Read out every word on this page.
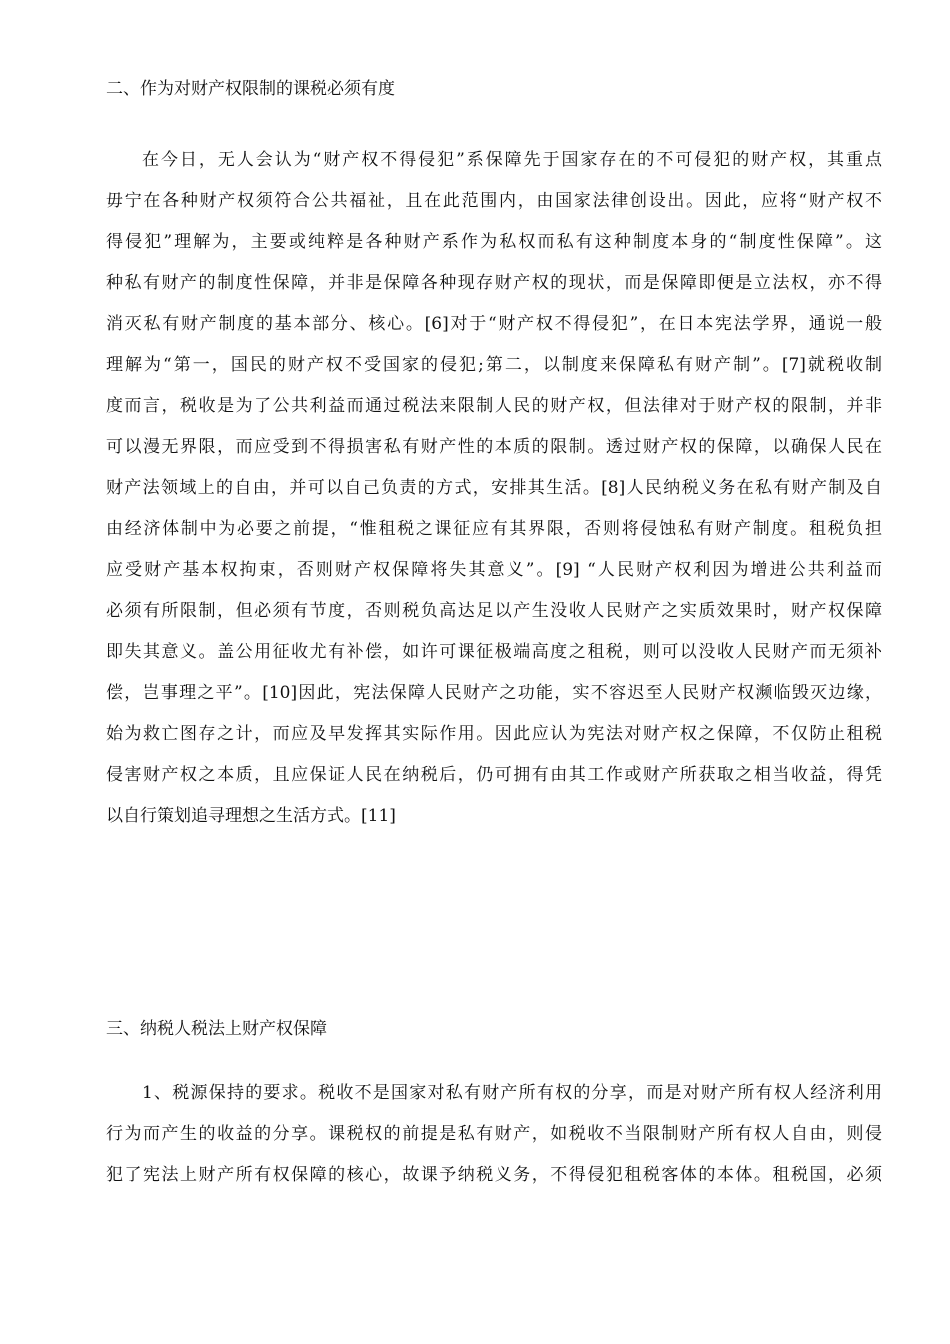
二、作为对财产权限制的课税必须有度
在今日，无人会认为“财产权不得侵犯”系保障先于国家存在的不可侵犯的财产权，其重点
毋宁在各种财产权须符合公共福祉，且在此范围内，由国家法律创设出。因此，应将“财产权不
得侵犯”理解为，主要或纯粹是各种财产系作为私权而私有这种制度本身的“制度性保障”。这
种私有财产的制度性保障，并非是保障各种现存财产权的现状，而是保障即便是立法权，亦不得
消灭私有财产制度的基本部分、核心。[6]对于“财产权不得侵犯”，在日本宪法学界，通说一般
理解为“第一，国民的财产权不受国家的侵犯;第二，以制度来保障私有财产制”。[7]就税收制
度而言，税收是为了公共利益而通过税法来限制人民的财产权，但法律对于财产权的限制，并非
可以漫无界限，而应受到不得损害私有财产性的本质的限制。透过财产权的保障，以确保人民在
财产法领域上的自由，并可以自己负责的方式，安排其生活。[8]人民纳税义务在私有财产制及自
由经济体制中为必要之前提，“惟租税之课征应有其界限，否则将侵蚀私有财产制度。租税负担
应受财产基本权拘束，否则财产权保障将失其意义”。[9] “人民财产权利因为增进公共利益而
必须有所限制，但必须有节度，否则税负高达足以产生没收人民财产之实质效果时，财产权保障
即失其意义。盖公用征收尤有补偿，如许可课征极端高度之租税，则可以没收人民财产而无须补
偿，岂事理之平”。[10]因此，宪法保障人民财产之功能，实不容迟至人民财产权濒临毁灭边缘，
始为救亡图存之计，而应及早发挥其实际作用。因此应认为宪法对财产权之保障，不仅防止租税
侵害财产权之本质，且应保证人民在纳税后，仍可拥有由其工作或财产所获取之相当收益，得凭
以自行策划追寻理想之生活方式。[11]
三、纳税人税法上财产权保障
1、税源保持的要求。税收不是国家对私有财产所有权的分享，而是对财产所有权人经济利用
行为而产生的收益的分享。课税权的前提是私有财产，如税收不当限制财产所有权人自由，则侵
犯了宪法上财产所有权保障的核心，故课予纳税义务，不得侵犯租税客体的本体。租税国，必须
